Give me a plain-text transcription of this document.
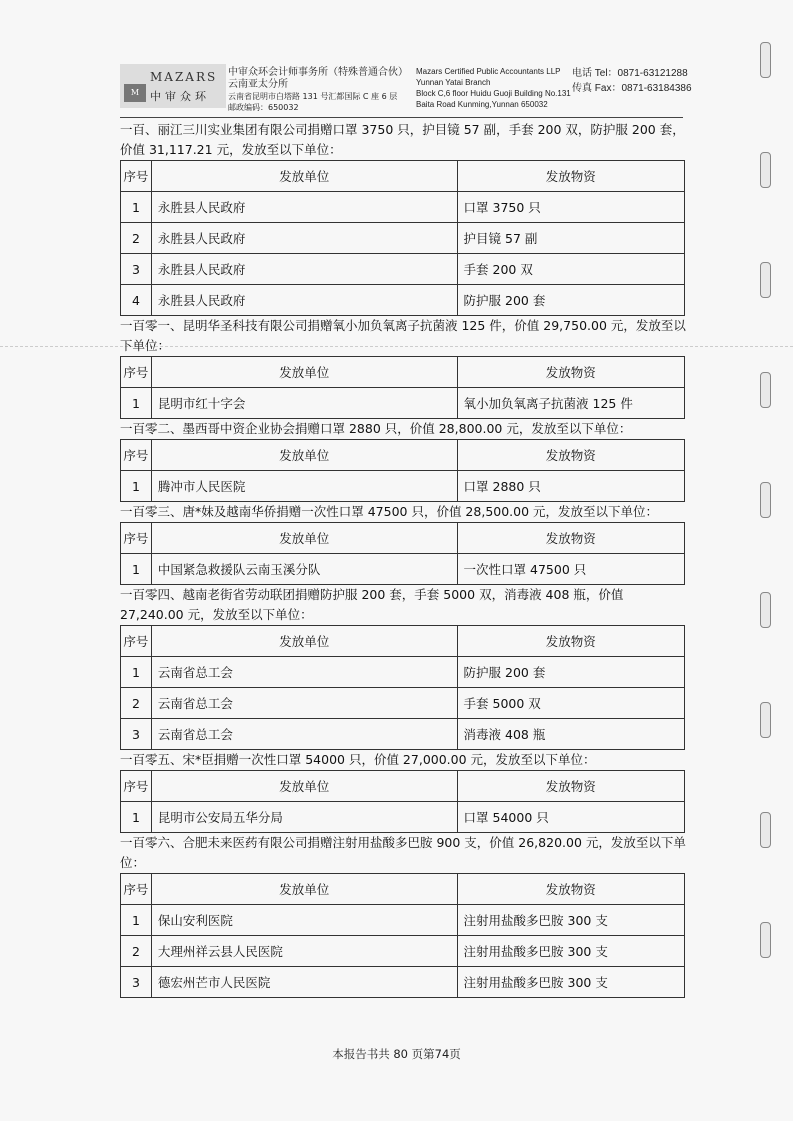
M
MAZARS
中审众环
中审众环会计师事务所（特殊普通合伙）
云南亚太分所
云南省昆明市白塔路 131 号汇都国际 C 座 6 层
邮政编码：650032
Mazars Certified Public Accountants LLP
Yunnan Yatai Branch
Block C,6 floor Huidu Guoji Building No.131
Baita Road Kunming,Yunnan 650032
电话 Tel：0871-63121288
传真 Fax：0871-63184386

一百、丽江三川实业集团有限公司捐赠口罩 3750 只，护目镜 57 副，手套 200 双，防护服 200 套，价值 31,117.21 元，发放至以下单位：

序号	发放单位	发放物资
1	永胜县人民政府	口罩 3750 只
2	永胜县人民政府	护目镜 57 副
3	永胜县人民政府	手套 200 双
4	永胜县人民政府	防护服 200 套

一百零一、昆明华圣科技有限公司捐赠氧小加负氧离子抗菌液 125 件，价值 29,750.00 元，发放至以下单位：

序号	发放单位	发放物资
1	昆明市红十字会	氧小加负氧离子抗菌液 125 件

一百零二、墨西哥中资企业协会捐赠口罩 2880 只，价值 28,800.00 元，发放至以下单位：

序号	发放单位	发放物资
1	腾冲市人民医院	口罩 2880 只

一百零三、唐*妹及越南华侨捐赠一次性口罩 47500 只，价值 28,500.00 元，发放至以下单位：

序号	发放单位	发放物资
1	中国紧急救援队云南玉溪分队	一次性口罩 47500 只

一百零四、越南老街省劳动联团捐赠防护服 200 套，手套 5000 双，消毒液 408 瓶，价值 27,240.00 元，发放至以下单位：

序号	发放单位	发放物资
1	云南省总工会	防护服 200 套
2	云南省总工会	手套 5000 双
3	云南省总工会	消毒液 408 瓶

一百零五、宋*臣捐赠一次性口罩 54000 只，价值 27,000.00 元，发放至以下单位：

序号	发放单位	发放物资
1	昆明市公安局五华分局	口罩 54000 只

一百零六、合肥未来医药有限公司捐赠注射用盐酸多巴胺 900 支，价值 26,820.00 元，发放至以下单位：

序号	发放单位	发放物资
1	保山安利医院	注射用盐酸多巴胺 300 支
2	大理州祥云县人民医院	注射用盐酸多巴胺 300 支
3	德宏州芒市人民医院	注射用盐酸多巴胺 300 支
本报告书共 80 页第74页
